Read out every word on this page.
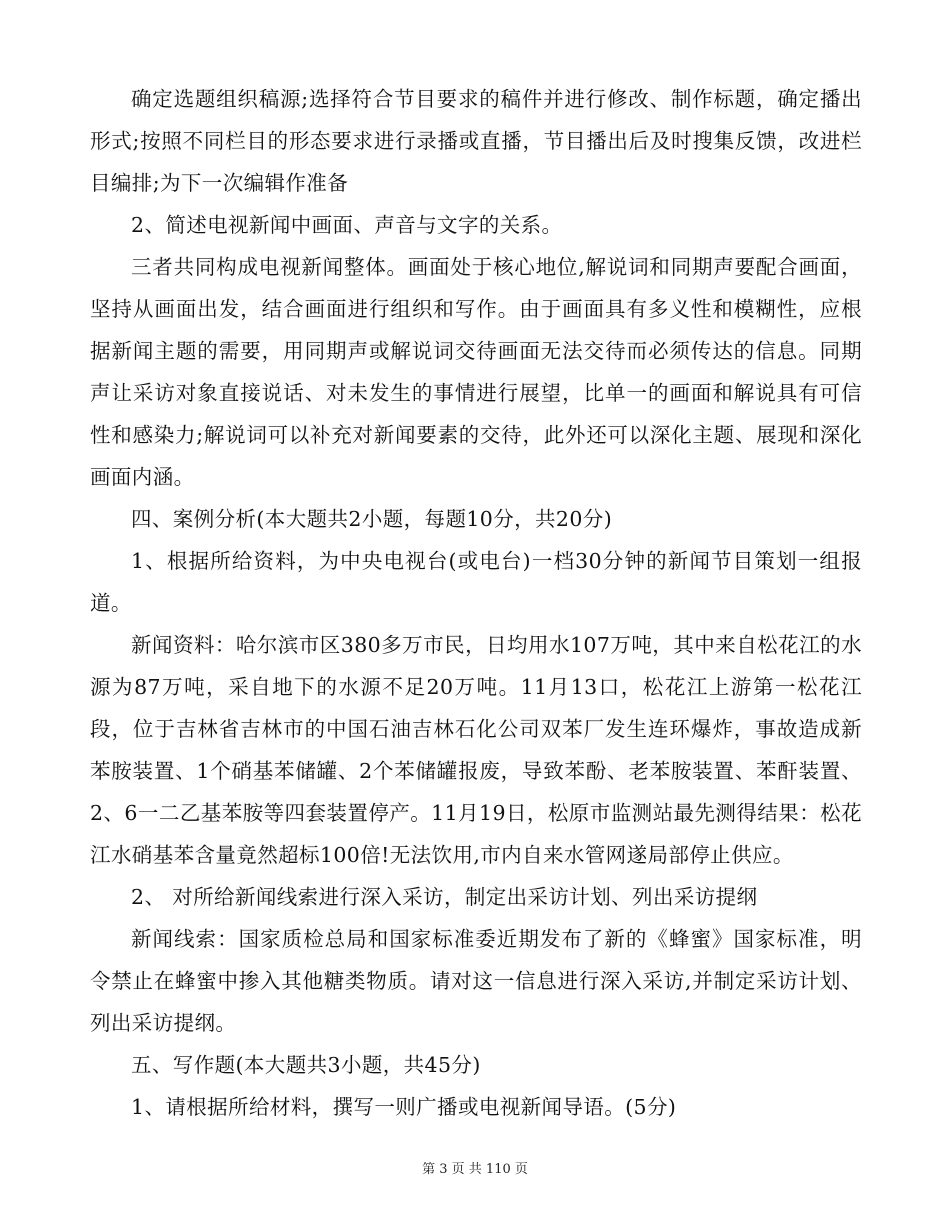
确定选题组织稿源;选择符合节目要求的稿件并进行修改、制作标题，确定播出形式;按照不同栏目的形态要求进行录播或直播，节目播出后及时搜集反馈，改进栏目编排;为下一次编辑作准备

2、简述电视新闻中画面、声音与文字的关系。

三者共同构成电视新闻整体。画面处于核心地位,解说词和同期声要配合画面，坚持从画面出发，结合画面进行组织和写作。由于画面具有多义性和模糊性，应根据新闻主题的需要，用同期声或解说词交待画面无法交待而必须传达的信息。同期声让采访对象直接说话、对未发生的事情进行展望，比单一的画面和解说具有可信性和感染力;解说词可以补充对新闻要素的交待，此外还可以深化主题、展现和深化画面内涵。

四、案例分析(本大题共2小题，每题10分，共20分)

1、根据所给资料，为中央电视台(或电台)一档30分钟的新闻节目策划一组报道。

新闻资料：哈尔滨市区380多万市民，日均用水107万吨，其中来自松花江的水源为87万吨，采自地下的水源不足20万吨。11月13口，松花江上游第一松花江段，位于吉林省吉林市的中国石油吉林石化公司双苯厂发生连环爆炸，事故造成新苯胺装置、1个硝基苯储罐、2个苯储罐报废，导致苯酚、老苯胺装置、苯酐装置、2、6一二乙基苯胺等四套装置停产。11月19日，松原市监测站最先测得结果：松花江水硝基苯含量竟然超标100倍!无法饮用,市内自来水管网遂局部停止供应。

2、 对所给新闻线索进行深入采访，制定出采访计划、列出采访提纲

新闻线索：国家质检总局和国家标准委近期发布了新的《蜂蜜》国家标准，明令禁止在蜂蜜中掺入其他糖类物质。请对这一信息进行深入采访,并制定采访计划、列出采访提纲。

五、写作题(本大题共3小题，共45分)

1、请根据所给材料，撰写一则广播或电视新闻导语。(5分)

第 3 页 共 110 页
